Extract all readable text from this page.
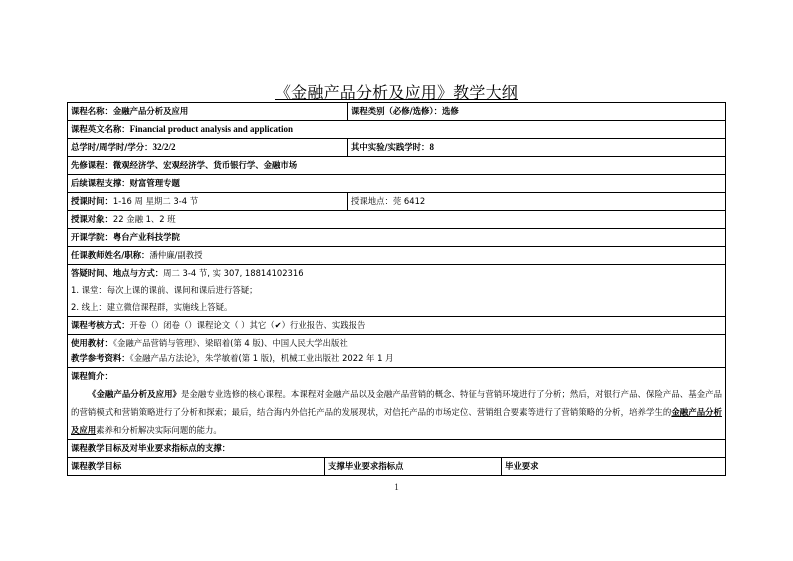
《金融产品分析及应用》教学大纲
课程名称：金融产品分析及应用	课程类别（必修/选修）：选修
课程英文名称：Financial product analysis and application
总学时/周学时/学分：32/2/2	其中实验/实践学时：8
先修课程：微观经济学、宏观经济学、货币银行学、金融市场
后续课程支撑：财富管理专题
授课时间：1-16 周 星期二 3-4 节	授课地点：莞 6412
授课对象：22 金融 1、2 班
开课学院：粤台产业科技学院
任课教师姓名/职称：潘仲廉/副教授
答疑时间、地点与方式：周二 3-4 节, 实 307, 18814102316
1. 课堂：每次上课的课前、课间和课后进行答疑；
2. 线上：建立微信课程群，实施线上答疑。
课程考核方式：开卷（）闭卷（）课程论文（ ）其它（✔）行业报告、实践报告
使用教材：《金融产品营销与管理》、梁昭着(第 4 版)、中国人民大学出版社
教学参考资料：《金融产品方法论》，朱学敏着(第 1 版)，机械工业出版社 2022 年 1 月
课程简介：

《金融产品分析及应用》是金融专业选修的核心课程。本课程对金融产品以及金融产品营销的概念、特征与营销环境进行了分析；然后，对银行产品、保险产品、基金产品的营销模式和营销策略进行了分析和探索；最后，结合海内外信托产品的发展现状，对信托产品的市场定位、营销组合要素等进行了营销策略的分析，培养学生的金融产品分析及应用素养和分析解决实际问题的能力。

课程教学目标及对毕业要求指标点的支撑：
课程教学目标	支撑毕业要求指标点	毕业要求
1
